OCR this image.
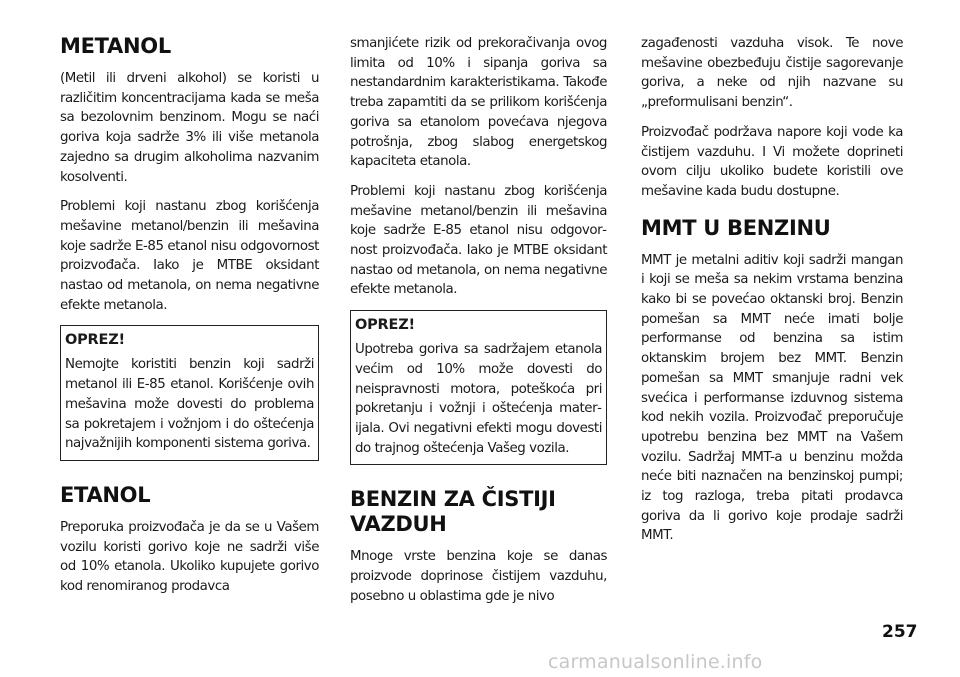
METANOL

(Metil ili drveni alkohol) se koristi u različitim koncentracijama kada se meša sa bezolovnim benzinom. Mogu se naći goriva koja sadrže 3% ili više metanola zajedno sa drugim alkoholima nazvanim kosolventi.

Problemi koji nastanu zbog korišćenja mešavine metanol/benzin ili mešavina koje sadrže E-85 etanol nisu odgovornost proizvođača. Iako je MTBE oksidant nastao od metanola, on nema negativne efekte metanola.

OPREZ!

Nemojte koristiti benzin koji sadrži metanol ili E-85 etanol. Korišćenje ovih mešavina može dovesti do problema sa pokretajem i vožnjom i do oštećenja najvažnijih komponenti sistema goriva.

ETANOL

Preporuka proizvođača je da se u Vašem vozilu koristi gorivo koje ne sadrži više od 10% etanola. Ukoliko kupujete gorivo kod renomiranog prodavca

smanjićete rizik od prekoračivanja ovog limita od 10% i sipanja goriva sa nestandardnim karakteristikama. Takođe treba zapamtiti da se prilikom korišćenja goriva sa etanolom povećava njegova potrošnja, zbog slabog energetskog kapaciteta etanola.

Problemi koji nastanu zbog korišćenja mešavine metanol/benzin ili mešavina koje sadrže E-85 etanol nisu odgovornost proizvođača. Iako je MTBE oksidant nastao od metanola, on nema negativne efekte metanola.

OPREZ!

Upotreba goriva sa sadržajem etanola većim od 10% može dovesti do neispravnosti motora, poteškoća pri pokretanju i vožnji i oštećenja materijala. Ovi negativni efekti mogu dovesti do trajnog oštećenja Vašeg vozila.

BENZIN ZA ČISTIJI
VAZDUH

Mnoge vrste benzina koje se danas proizvode doprinose čistijem vazduhu, posebno u oblastima gde je nivo

zagađenosti vazduha visok. Te nove mešavine obezbeđuju čistije sagorevanje goriva, a neke od njih nazvane su „preformulisani benzin“.

Proizvođač podržava napore koji vode ka čistijem vazduhu. I Vi možete doprineti ovom cilju ukoliko budete koristili ove mešavine kada budu dostupne.

MMT U BENZINU

MMT je metalni aditiv koji sadrži mangan i koji se meša sa nekim vrstama benzina kako bi se povećao oktanski broj. Benzin pomešan sa MMT neće imati bolje performanse od benzina sa istim oktanskim brojem bez MMT. Benzin pomešan sa MMT smanjuje radni vek svećica i performanse izduvnog sistema kod nekih vozila. Proizvođač preporučuje upotrebu benzina bez MMT na Vašem vozilu. Sadržaj MMT-a u benzinu možda neće biti naznačen na benzinskoj pumpi; iz tog razloga, treba pitati prodavca goriva da li gorivo koje prodaje sadrži MMT.

257
carmanualsonline.info
